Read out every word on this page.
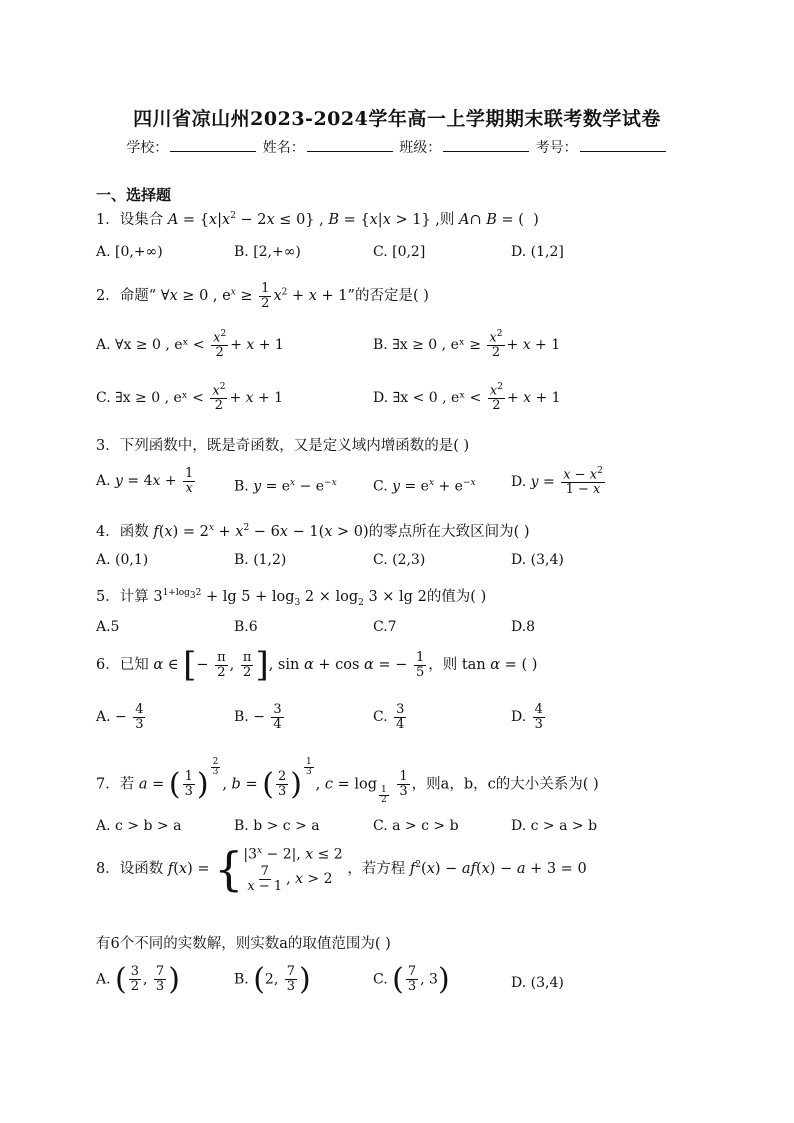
四川省凉山州2023-2024学年高一上学期期末联考数学试卷
学校：	姓名：	班级：	考号：
一、选择题
1．设集合 $A = \{x|x^2 - 2x \le 0\}$ , B = {x|x > 1} ,则 A∩ B = (  )
A. [0,+∞)	B. [2,+∞)	C. [0,2]	D. (1,2]
2．命题“ ∀x ≥ 0 , $e^x \ge \frac{1}{2} x^2 + x + 1$”的否定是( )
A. ∀x ≥ 0 , eˣ < $\frac{x^2}{2} + x + 1$	B. ∃x ≥ 0 , eˣ ≥ $\frac{x^2}{2} + x + 1$
C. ∃x ≥ 0 , eˣ < $\frac{x^2}{2} + x + 1$	D. ∃x < 0 , eˣ < $\frac{x^2}{2} + x + 1$
3．下列函数中，既是奇函数，又是定义域内增函数的是( )
A. $y = 4x + \frac{1}{x}$	B. $y = e^x - e^{-x}$	C. $y = e^x + e^{-x}$	D. $y = \frac{x - x^2}{1 - x}$
4．函数 $f(x) = 2^x + x^2 - 6x - 1(x > 0)$的零点所在大致区间为( )
A. (0,1)	B. (1,2)	C. (2,3)	D. (3,4)
5．计算 $3^{1+log_32} + \lg 5 + \log_3 2 \times \log_2 3 \times \lg 2$的值为( )
A.5	B.6	C.7	D.8
6．已知 α ∈ [− $\frac{\pi}{2}$ , $\frac{\pi}{2}$ ], sin α + cos α = − $\frac{1}{5}$ ，则 tan α = ( )
A. − $\frac{4}{3}$	B. − $\frac{3}{4}$	C. $\frac{3}{4}$	D. $\frac{4}{3}$
7．若 a = ( $\frac{1}{3}$ ) $^{\frac{2}{3}}$
, b = ( $\frac{2}{3}$ ) $^{\frac{1}{3}}$
, c = log
$_{\frac{1}{2}}$
$\frac{1}{3}$ ，则a，b，c的大小关系为( )
A. c > b > a	B. b > c > a	C. a > c > b	D. c > a > b
8．设函数 f(x) = { $|3^x - 2|$, x ≤ 2
$\frac{7}{x - 1}$ , x > 2
，若方程 $f^2(x) - af(x) - a + 3 = 0$
有6个不同的实数解，则实数a的取值范围为( )
A. ( $\frac{3}{2}$ , $\frac{7}{3}$ )	B. (2, $\frac{7}{3}$ )	C. ( $\frac{7}{3}$ , 3)	D. (3,4)
